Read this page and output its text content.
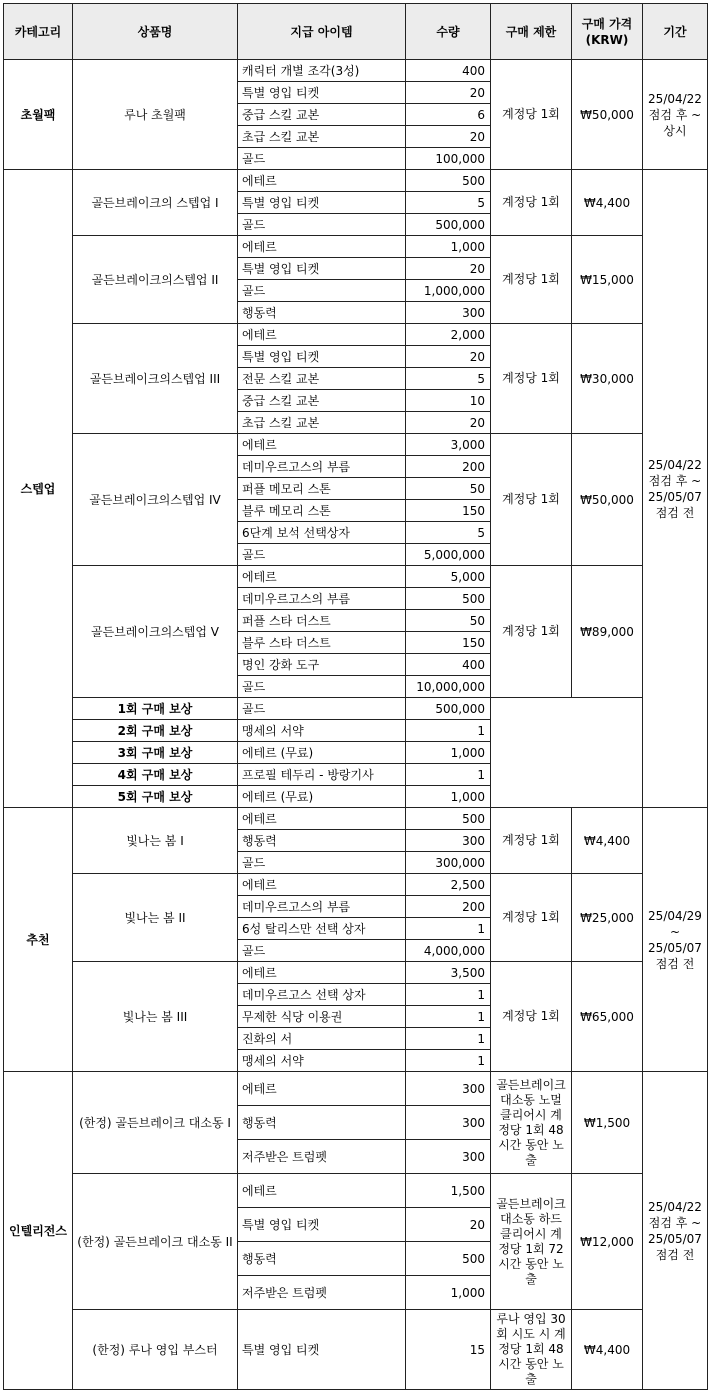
카테고리	상품명	지급 아이템	수량	구매 제한	구매 가격 (KRW)	기간
초월팩	루나 초월팩	캐릭터 개별 조각(3성)	400	계정당 1회	₩50,000	25/04/22 점검 후 ~ 상시
		특별 영입 티켓	20			
		중급 스킬 교본	6			
		초급 스킬 교본	20			
		골드	100,000			
스텝업	골든브레이크의 스텝업 I	에테르	500	계정당 1회	₩4,400	25/04/22 점검 후 ~ 25/05/07 점검 전
		특별 영입 티켓	5			
		골드	500,000			
	골든브레이크의스텝업 II	에테르	1,000	계정당 1회	₩15,000	
		특별 영입 티켓	20			
		골드	1,000,000			
		행동력	300			
	골든브레이크의스텝업 III	에테르	2,000	계정당 1회	₩30,000	
		특별 영입 티켓	20			
		전문 스킬 교본	5			
		중급 스킬 교본	10			
		초급 스킬 교본	20			
	골든브레이크의스텝업 IV	에테르	3,000	계정당 1회	₩50,000	
		데미우르고스의 부름	200			
		퍼플 메모리 스톤	50			
		블루 메모리 스톤	150			
		6단계 보석 선택상자	5			
		골드	5,000,000			
	골든브레이크의스텝업 V	에테르	5,000	계정당 1회	₩89,000	
		데미우르고스의 부름	500			
		퍼플 스타 더스트	50			
		블루 스타 더스트	150			
		명인 강화 도구	400			
		골드	10,000,000			
	1회 구매 보상	골드	500,000			
	2회 구매 보상	맹세의 서약	1			
	3회 구매 보상	에테르 (무료)	1,000			
	4회 구매 보상	프로필 테두리 - 방랑기사	1			
	5회 구매 보상	에테르 (무료)	1,000			
추천	빛나는 봄 I	에테르	500	계정당 1회	₩4,400	25/04/29 ~ 25/05/07 점검 전
		행동력	300			
		골드	300,000			
	빛나는 봄 II	에테르	2,500	계정당 1회	₩25,000	
		데미우르고스의 부름	200			
		6성 탈리스만 선택 상자	1			
		골드	4,000,000			
	빛나는 봄 III	에테르	3,500	계정당 1회	₩65,000	
		데미우르고스 선택 상자	1			
		무제한 식당 이용권	1			
		진화의 서	1			
		맹세의 서약	1			
인텔리전스	(한정) 골든브레이크 대소동 I	에테르	300	골든브레이크 대소동 노멀 클리어시 계정당 1회 48시간 동안 노출	₩1,500	25/04/22 점검 후 ~ 25/05/07 점검 전
		행동력	300			
		저주받은 트럼펫	300			
	(한정) 골든브레이크 대소동 II	에테르	1,500	골든브레이크 대소동 하드 클리어시 계정당 1회 72시간 동안 노출	₩12,000	
		특별 영입 티켓	20			
		행동력	500			
		저주받은 트럼펫	1,000			
	(한정) 루나 영입 부스터	특별 영입 티켓	15	루나 영입 30회 시도 시 계정당 1회 48시간 동안 노출	₩4,400	
